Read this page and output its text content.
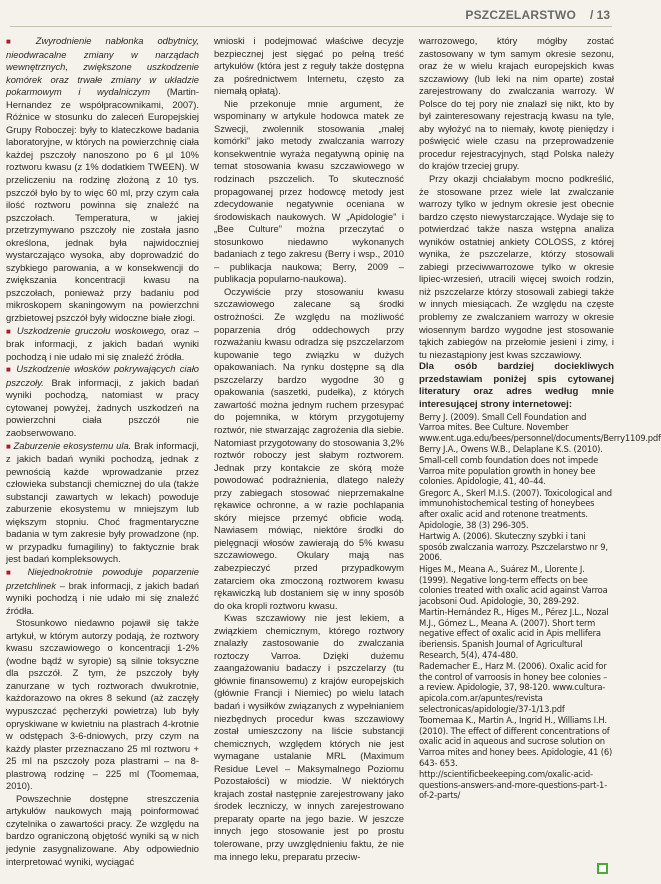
PSZCZELARSTWO / 13

■ Zwyrodnienie nabłonka odbytnicy, nieodwracalne zmiany w narządach wewnętrznych, zwiększone uszkodzenie komórek oraz trwałe zmiany w układzie pokarmowym i wydalniczym (Martin-Hernandez ze współpracownikami, 2007). Różnice w stosunku do zaleceń Europejskiej Grupy Roboczej: były to klateczkowe badania laboratoryjne, w których na powierzchnię ciała każdej pszczoły nanoszono po 6 µl 10% roztworu kwasu (z 1% dodatkiem TWEEN). W przeliczeniu na rodzinę złożoną z 10 tys. pszczół było by to więc 60 ml, przy czym cała ilość roztworu powinna się znaleźć na pszczołach. Temperatura, w jakiej przetrzymywano pszczoły nie została jasno określona, jednak była najwidoczniej wystarczająco wysoka, aby doprowadzić do szybkiego parowania, a w konsekwencji do zwiększania koncentracji kwasu na pszczołach, ponieważ przy badaniu pod mikroskopem skaningowym na powierzchni grzbietowej pszczół były widoczne białe złogi.

■ Uszkodzenie gruczołu woskowego, oraz – brak informacji, z jakich badań wyniki pochodzą i nie udało mi się znaleźć źródła.

■ Uszkodzenie włosków pokrywających ciało pszczoły. Brak informacji, z jakich badań wyniki pochodzą, natomiast w pracy cytowanej powyżej, żadnych uszkodzeń na powierzchni ciała pszczół nie zaobserwowano.

■ Zaburzenie ekosystemu ula. Brak informacji, z jakich badań wyniki pochodzą, jednak z pewnością każde wprowadzanie przez człowieka substancji chemicznej do ula (także substancji zawartych w lekach) powoduje zaburzenie ekosystemu w mniejszym lub większym stopniu. Choć fragmentaryczne badania w tym zakresie były prowadzone (np. w przypadku fumagiliny) to faktycznie brak jest badań kompleksowych.

■ Niejednokrotnie powoduje poparzenie przetchlinek – brak informacji, z jakich badań wyniki pochodzą i nie udało mi się znaleźć źródła.

Stosunkowo niedawno pojawił się także artykuł, w którym autorzy podają, że roztwory kwasu szczawiowego o koncentracji 1-2% (wodne bądź w syropie) są silnie toksyczne dla pszczół. Z tym, że pszczoły były zanurzane w tych roztworach dwukrotnie, każdorazowo na okres 8 sekund (aż zaczęły wypuszczać pęcherzyki powietrza) lub były opryskiwane w kwietniu na plastrach 4-krotnie w odstępach 3-6-dniowych, przy czym na każdy plaster przeznaczano 25 ml roztworu + 25 ml na pszczoły poza plastrami – na 8-plastrową rodzinę – 225 ml (Toomemaa, 2010).

Powszechnie dostępne streszczenia artykułów naukowych mają poinformować czytelnika o zawartości pracy. Ze względu na bardzo ograniczoną objętość wyniki są w nich jedynie zasygnalizowane. Aby odpowiednio interpretować wyniki, wyciągać

wnioski i podejmować właściwe decyzje bezpiecznej jest sięgać po pełną treść artykułów (która jest z reguły także dostępna za pośrednictwem Internetu, często za niemałą opłatą).

Nie przekonuje mnie argument, że wspominany w artykule hodowca matek ze Szwecji, zwolennik stosowania „małej komórki” jako metody zwalczania warrozy konsekwentnie wyraża negatywną opinię na temat stosowania kwasu szczawiowego w rodzinach pszczelich. To skuteczność propagowanej przez hodowcę metody jest zdecydowanie negatywnie oceniana w środowiskach naukowych. W „Apidologie” i „Bee Culture” można przeczytać o stosunkowo niedawno wykonanych badaniach z tego zakresu (Berry i wsp., 2010 – publikacja naukowa; Berry, 2009 – publikacja popularno-naukowa).

Oczywiście przy stosowaniu kwasu szczawiowego zalecane są środki ostrożności. Ze względu na możliwość poparzenia dróg oddechowych przy rozważaniu kwasu odradza się pszczelarzom kupowanie tego związku w dużych opakowaniach. Na rynku dostępne są dla pszczelarzy bardzo wygodne 30 g opakowania (saszetki, pudełka), z których zawartość można jednym ruchem przesypać do pojemnika, w którym przygotujemy roztwór, nie stwarzając zagrożenia dla siebie. Natomiast przygotowany do stosowania 3,2% roztwór roboczy jest słabym roztworem. Jednak przy kontakcie ze skórą może powodować podrażnienia, dlatego należy przy zabiegach stosować nieprzemakalne rękawice ochronne, a w razie pochlapania skóry miejsce przemyć obficie wodą. Nawiasem mówiąc, niektóre środki do pielęgnacji włosów zawierają do 5% kwasu szczawiowego. Okulary mają nas zabezpieczyć przed przypadkowym zatarciem oka zmoczoną roztworem kwasu rękawiczką lub dostaniem się w inny sposób do oka kropli roztworu kwasu.

Kwas szczawiowy nie jest lekiem, a związkiem chemicznym, którego roztwory znalazły zastosowanie do zwalczania roztoczy Varroa. Dzięki dużemu zaangażowaniu badaczy i pszczelarzy (tu głównie finansowemu) z krajów europejskich (głównie Francji i Niemiec) po wielu latach badań i wysiłków związanych z wypełnianiem niezbędnych procedur kwas szczawiowy został umieszczony na liście substancji chemicznych, względem których nie jest wymagane ustalanie MRL (Maximum Residue Level – Maksymalnego Poziomu Pozostałości) w miodzie. W niektórych krajach został następnie zarejestrowany jako środek leczniczy, w innych zarejestrowano preparaty oparte na jego bazie. W jeszcze innych jego stosowanie jest po prostu tolerowane, przy uwzględnieniu faktu, że nie ma innego leku, preparatu przeciw-

warrozowego, który mógłby zostać zastosowany w tym samym okresie sezonu, oraz że w wielu krajach europejskich kwas szczawiowy (lub leki na nim oparte) został zarejestrowany do zwalczania warrozy. W Polsce do tej pory nie znalazł się nikt, kto by był zainteresowany rejestracją kwasu na tyle, aby wyłożyć na to niemały, kwotę pieniędzy i poświęcić wiele czasu na przeprowadzenie procedur rejestracyjnych, stąd Polska należy do krajów trzeciej grupy.

Przy okazji chciałabym mocno podkreślić, że stosowane przez wiele lat zwalczanie warrozy tylko w jednym okresie jest obecnie bardzo często niewystarczające. Wydaje się to potwierdzać także nasza wstępna analiza wyników ostatniej ankiety COLOSS, z której wynika, że pszczelarze, którzy stosowali zabiegi przeciwwarrozowe tylko w okresie lipiec-wrzesień, utracili więcej swoich rodzin, niż pszczelarze którzy stosowali zabiegi także w innych miesiącach. Ze względu na częste problemy ze zwalczaniem warrozy w okresie wiosennym bardzo wygodne jest stosowanie tąkich zabiegów na przełomie jesieni i zimy, i tu niezastąpiony jest kwas szczawiowy.

Dla osób bardziej dociekliwych przedstawiam poniżej spis cytowanej literatury oraz adres według mnie interesującej strony internetowej:

Berry J. (2009). Small Cell Foundation and Varroa mites. Bee Culture. November www.ent.uga.edu/bees/personnel/documents/Berry1109.pdf

Berry J.A., Owens W.B., Delaplane K.S. (2010). Small-cell comb foundation does not impede Varroa mite population growth in honey bee colonies. Apidologie, 41, 40–44.

Gregorc A., Skerl M.I.S. (2007). Toxicological and immunohistochemical testing of honeybees after oxalic acid and rotenone treatments. Apidologie, 38 (3) 296-305.

Hartwig A. (2006). Skuteczny szybki i tani sposób zwalczania warrozy. Pszczelarstwo nr 9, 2006.

Higes M., Meana A., Suárez M., Llorente J. (1999). Negative long-term effects on bee colonies treated with oxalic acid against Varroa jacobsoni Oud. Apidologie, 30, 289-292.

Martin-Hernández R., Higes M., Pérez J.L., Nozal M.J., Gómez L., Meana A. (2007). Short term negative effect of oxalic acid in Apis mellifera iberiensis. Spanish Journal of Agricultural Research, 5(4), 474-480.

Rademacher E., Harz M. (2006). Oxalic acid for the control of varroosis in honey bee colonies – a review. Apidologie, 37, 98-120. www.cultura-apicola.com.ar/apuntes/revista selectronicas/apidologie/37-1/13.pdf

Toomemaa K., Martin A., Ingrid H., Williams I.H. (2010). The effect of different concentrations of oxalic acid in aqueous and sucrose solution on Varroa mites and honey bees. Apidologie, 41 (6) 643- 653.

http://scientificbeekeeping.com/oxalic-acid-questions-answers-and-more-questions-part-1-of-2-parts/
